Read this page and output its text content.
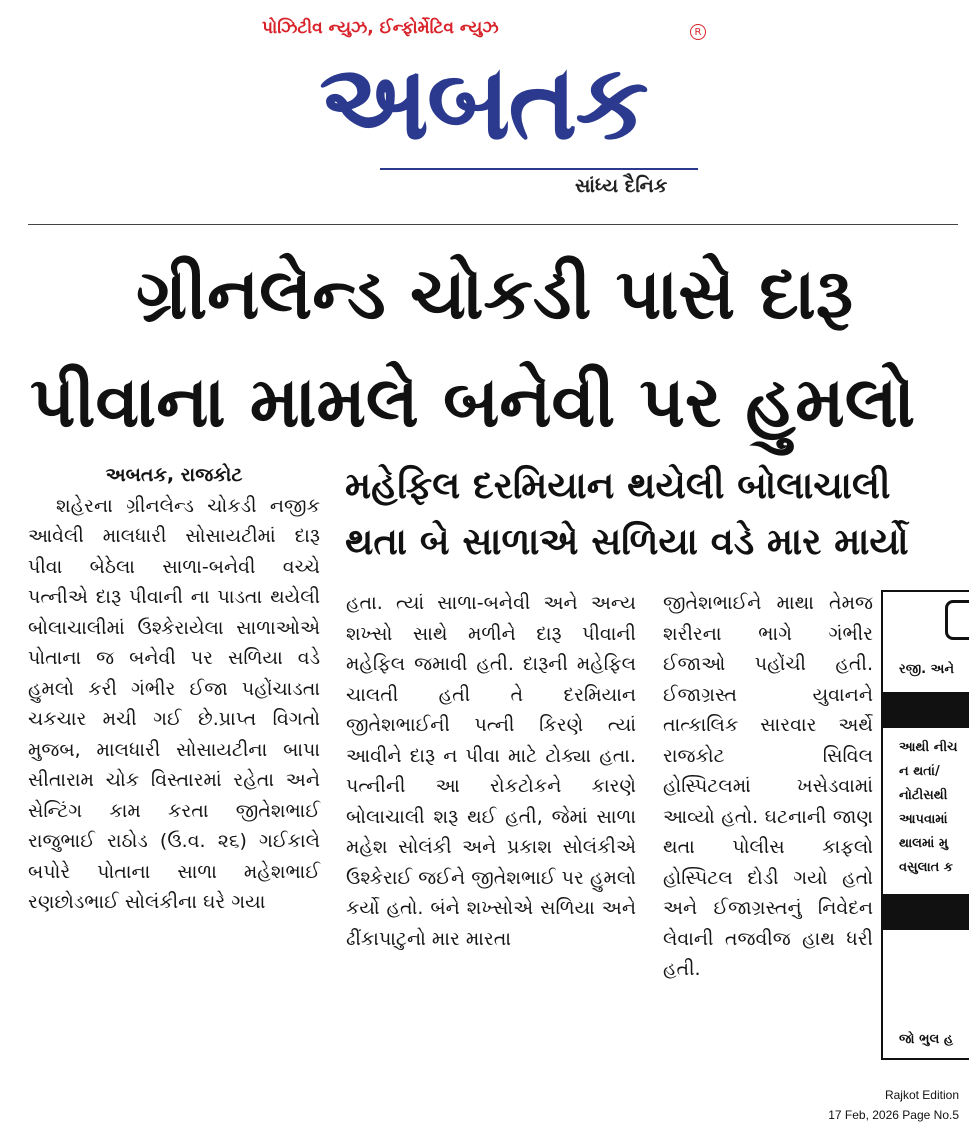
પોઝિટીવ ન્યુઝ, ઈન્ફોર્મેટિવ ન્યુઝ	R
અબતક
સાંધ્ય દૈનિક
ગ્રીનલેન્ડ ચોકડી પાસે દારૂ
પીવાના મામલે બનેવી પર હુમલો
મહેફિલ દરમિયાન થયેલી બોલાચાલી
થતા બે સાળાએ સળિયા વડે માર માર્યો
અબતક, રાજકોટ

શહેરના ગ્રીનલેન્ડ ચોકડી નજીક આવેલી માલધારી સોસાયટીમાં દારૂ પીવા બેઠેલા સાળા-બનેવી વચ્ચે પત્નીએ દારૂ પીવાની ના પાડતા થયેલી બોલાચાલીમાં ઉશ્કેરાયેલા સાળાઓએ પોતાના જ બનેવી પર સળિયા વડે હુમલો કરી ગંભીર ઈજા પહોંચાડતા ચકચાર મચી ગઈ છે.પ્રાપ્ત વિગતો મુજબ, માલધારી સોસાયટીના બાપા સીતારામ ચોક વિસ્તારમાં રહેતા અને સેન્ટિંગ કામ કરતા જીતેશભાઈ રાજુભાઈ રાઠોડ (ઉ.વ. ૨૬) ગઈકાલે બપોરે પોતાના સાળા મહેશભાઈ રણછોડભાઈ સોલંકીના ઘરે ગયા

હતા. ત્યાં સાળા-બનેવી અને અન્ય શખ્સો સાથે મળીને દારૂ પીવાની મહેફિલ જમાવી હતી. દારૂની મહેફિલ ચાલતી હતી તે દરમિયાન જીતેશભાઈની પત્ની કિરણે ત્યાં આવીને દારૂ ન પીવા માટે ટોક્યા હતા. પત્નીની આ રોકટોકને કારણે બોલાચાલી શરૂ થઈ હતી, જેમાં સાળા મહેશ સોલંકી અને પ્રકાશ સોલંકીએ ઉશ્કેરાઈ જઈને જીતેશભાઈ પર હુમલો કર્યો હતો. બંને શખ્સોએ સળિયા અને ઢીંકાપાટુનો માર મારતા

જીતેશભાઈને માથા તેમજ શરીરના ભાગે ગંભીર ઈજાઓ પહોંચી હતી. ઈજાગ્રસ્ત યુવાનને તાત્કાલિક સારવાર અર્થે રાજકોટ સિવિલ હોસ્પિટલમાં ખસેડવામાં આવ્યો હતો. ઘટનાની જાણ થતા પોલીસ કાફલો હોસ્પિટલ દોડી ગયો હતો અને ઈજાગ્રસ્તનું નિવેદન લેવાની તજવીજ હાથ ધરી હતી.

રજી. અને
આથી નીચ
ન થતાં/
નોટીસથી
આપવામાં
થાલમાં મુ
વસુલાત ક
જો ભુલ હ
Rajkot Edition
17 Feb, 2026 Page No.5
